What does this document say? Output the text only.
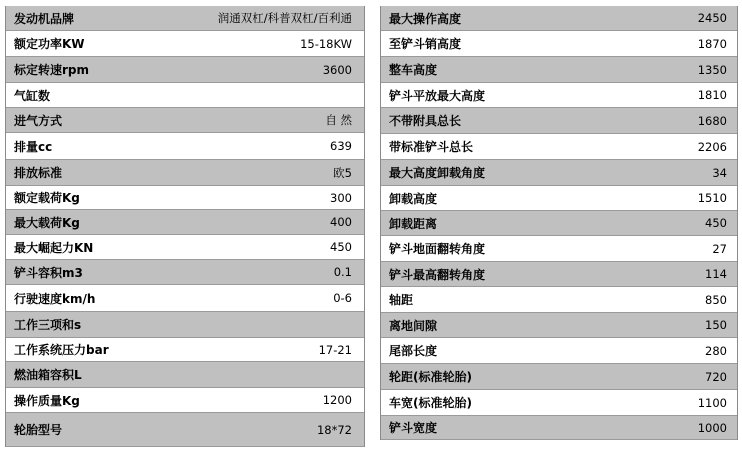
发动机品牌	润通双杠/科普双杠/百利通
额定功率KW	15-18KW
标定转速rpm	3600
气缸数
进气方式	自 然
排量cc	639
排放标准	欧5
额定载荷Kg	300
最大载荷Kg	400
最大崛起力KN	450
铲斗容积m3	0.1
行驶速度km/h	0-6
工作三项和s
工作系统压力bar	17-21
燃油箱容积L
操作质量Kg	1200
轮胎型号	18*72
最大操作高度	2450
至铲斗销高度	1870
整车高度	1350
铲斗平放最大高度	1810
不带附具总长	1680
带标准铲斗总长	2206
最大高度卸载角度	34
卸载高度	1510
卸载距离	450
铲斗地面翻转角度	27
铲斗最高翻转角度	114
轴距	850
离地间隙	150
尾部长度	280
轮距(标准轮胎)	720
车宽(标准轮胎)	1100
铲斗宽度	1000
